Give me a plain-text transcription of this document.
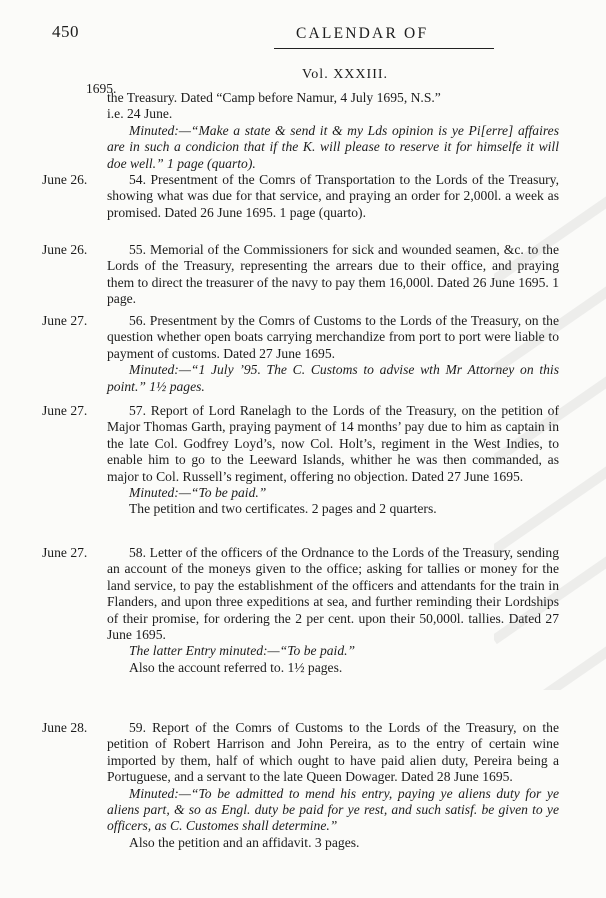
450	CALENDAR OF
1695.
Vol. XXXIII.

the Treasury. Dated “Camp before Namur, 4 July 1695, N.S.”

i.e. 24 June.

Minuted:—“Make a state & send it & my Lds opinion is ye Pi[erre] affaires are in such a condicion that if the K. will please to reserve it for himselfe it will doe well.” 1 page (quarto).

June 26.	54. Presentment of the Comrs of Transportation to the Lords of the Treasury, showing what was due for that service, and praying an order for 2,000l. a week as promised. Dated 26 June 1695. 1 page (quarto).

June 26.	55. Memorial of the Commissioners for sick and wounded seamen, &c. to the Lords of the Treasury, representing the arrears due to their office, and praying them to direct the treasurer of the navy to pay them 16,000l. Dated 26 June 1695. 1 page.

June 27.	56. Presentment by the Comrs of Customs to the Lords of the Treasury, on the question whether open boats carrying merchandize from port to port were liable to payment of customs. Dated 27 June 1695.

Minuted:—“1 July ’95. The C. Customs to advise wth Mr Attorney on this point.” 1½ pages.

June 27.	57. Report of Lord Ranelagh to the Lords of the Treasury, on the petition of Major Thomas Garth, praying payment of 14 months’ pay due to him as captain in the late Col. Godfrey Loyd’s, now Col. Holt’s, regiment in the West Indies, to enable him to go to the Leeward Islands, whither he was then commanded, as major to Col. Russell’s regiment, offering no objection. Dated 27 June 1695.

Minuted:—“To be paid.”

The petition and two certificates. 2 pages and 2 quarters.

June 27.	58. Letter of the officers of the Ordnance to the Lords of the Treasury, sending an account of the moneys given to the office; asking for tallies or money for the land service, to pay the establishment of the officers and attendants for the train in Flanders, and upon three expeditions at sea, and further reminding their Lordships of their promise, for ordering the 2 per cent. upon their 50,000l. tallies. Dated 27 June 1695.

The latter Entry minuted:—“To be paid.”

Also the account referred to. 1½ pages.

June 28.	59. Report of the Comrs of Customs to the Lords of the Treasury, on the petition of Robert Harrison and John Pereira, as to the entry of certain wine imported by them, half of which ought to have paid alien duty, Pereira being a Portuguese, and a servant to the late Queen Dowager. Dated 28 June 1695.

Minuted:—“To be admitted to mend his entry, paying ye aliens duty for ye aliens part, & so as Engl. duty be paid for ye rest, and such satisf. be given to ye officers, as C. Customes shall determine.”

Also the petition and an affidavit. 3 pages.
